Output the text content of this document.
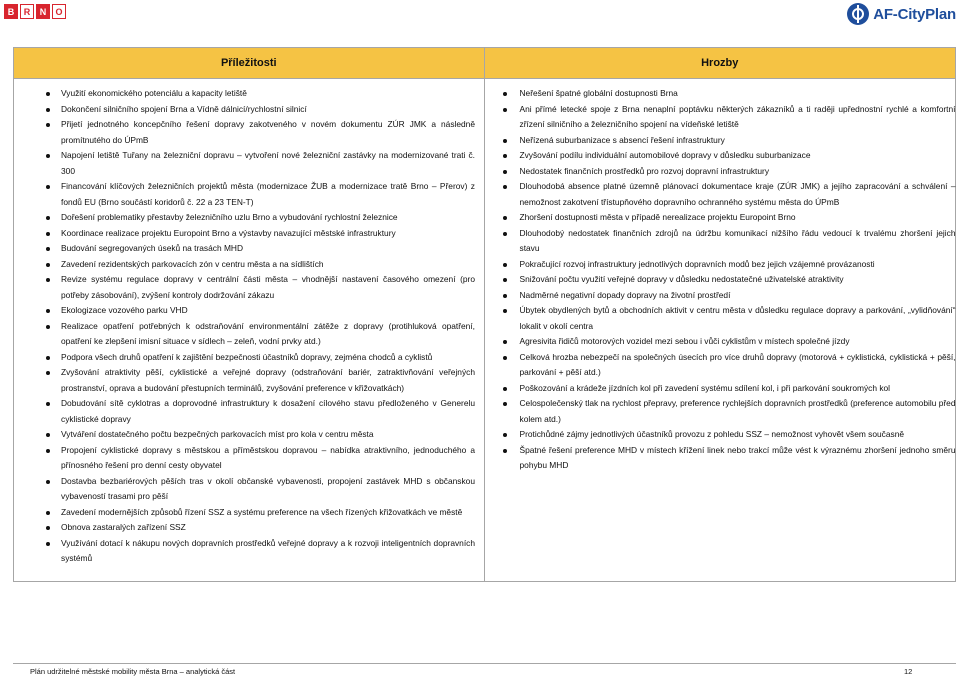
B	R	N	O	AF-CityPlan
Příležitosti
Využití ekonomického potenciálu a kapacity letiště
Dokončení silničního spojení Brna a Vídně dálnicí/rychlostní silnicí
Přijetí jednotného koncepčního řešení dopravy zakotveného v novém dokumentu ZÚR JMK a následně promítnutého do ÚPmB
Napojení letiště Tuřany na železniční dopravu – vytvoření nové železniční zastávky na modernizované trati č. 300
Financování klíčových železničních projektů města (modernizace ŽUB a modernizace tratě Brno – Přerov) z fondů EU (Brno součástí koridorů č. 22 a 23 TEN-T)
Dořešení problematiky přestavby železničního uzlu Brno a vybudování rychlostní železnice
Koordinace realizace projektu Europoint Brno a výstavby navazující městské infrastruktury
Budování segregovaných úseků na trasách MHD
Zavedení rezidentských parkovacích zón v centru města a na sídlištích
Revize systému regulace dopravy v centrální části města – vhodnější nastavení časového omezení (pro potřeby zásobování), zvýšení kontroly dodržování zákazu
Ekologizace vozového parku VHD
Realizace opatření potřebných k odstraňování environmentální zátěže z dopravy (protihluková opatření, opatření ke zlepšení imisní situace v sídlech – zeleň, vodní prvky atd.)
Podpora všech druhů opatření k zajištění bezpečnosti účastníků dopravy, zejména chodců a cyklistů
Zvyšování atraktivity pěší, cyklistické a veřejné dopravy (odstraňování bariér, zatraktivňování veřejných prostranství, oprava a budování přestupních terminálů, zvyšování preference v křižovatkách)
Dobudování sítě cyklotras a doprovodné infrastruktury k dosažení cílového stavu předloženého v Generelu cyklistické dopravy
Vytváření dostatečného počtu bezpečných parkovacích míst pro kola v centru města
Propojení cyklistické dopravy s městskou a příměstskou dopravou – nabídka atraktivního, jednoduchého a přínosného řešení pro denní cesty obyvatel
Dostavba bezbariérových pěších tras v okolí občanské vybavenosti, propojení zastávek MHD s občanskou vybaveností trasami pro pěší
Zavedení modernějších způsobů řízení SSZ a systému preference na všech řízených křižovatkách ve městě
Obnova zastaralých zařízení SSZ
Využívání dotací k nákupu nových dopravních prostředků veřejné dopravy a k rozvoji inteligentních dopravních systémů
Hrozby
Neřešení špatné globální dostupnosti Brna
Ani přímé letecké spoje z Brna nenaplní poptávku některých zákazníků a ti raději upřednostní rychlé a komfortní zřízení silničního a železničního spojení na vídeňské letiště
Neřízená suburbanizace s absencí řešení infrastruktury
Zvyšování podílu individuální automobilové dopravy v důsledku suburbanizace
Nedostatek finančních prostředků pro rozvoj dopravní infrastruktury
Dlouhodobá absence platné územně plánovací dokumentace kraje (ZÚR JMK) a jejího zapracování a schválení – nemožnost zakotvení třístupňového dopravního ochranného systému města do ÚPmB
Zhoršení dostupnosti města v případě nerealizace projektu Europoint Brno
Dlouhodobý nedostatek finančních zdrojů na údržbu komunikací nižšího řádu vedoucí k trvalému zhoršení jejich stavu
Pokračující rozvoj infrastruktury jednotlivých dopravních modů bez jejich vzájemné provázanosti
Snižování počtu využití veřejné dopravy v důsledku nedostatečné uživatelské atraktivity
Nadměrné negativní dopady dopravy na životní prostředí
Úbytek obydlených bytů a obchodních aktivit v centru města v důsledku regulace dopravy a parkování, „vylidňování“ lokalit v okolí centra
Agresivita řidičů motorových vozidel mezi sebou i vůči cyklistům v místech společné jízdy
Celková hrozba nebezpečí na společných úsecích pro více druhů dopravy (motorová + cyklistická, cyklistická + pěší, parkování + pěší atd.)
Poškozování a krádeže jízdních kol při zavedení systému sdílení kol, i při parkování soukromých kol
Celospolečenský tlak na rychlost přepravy, preference rychlejších dopravních prostředků (preference automobilu před kolem atd.)
Protichůdné zájmy jednotlivých účastníků provozu z pohledu SSZ – nemožnost vyhovět všem současně
Špatné řešení preference MHD v místech křížení linek nebo trakcí může vést k výraznému zhoršení jednoho směru pohybu MHD
Plán udržitelné městské mobility města Brna – analytická část	12
